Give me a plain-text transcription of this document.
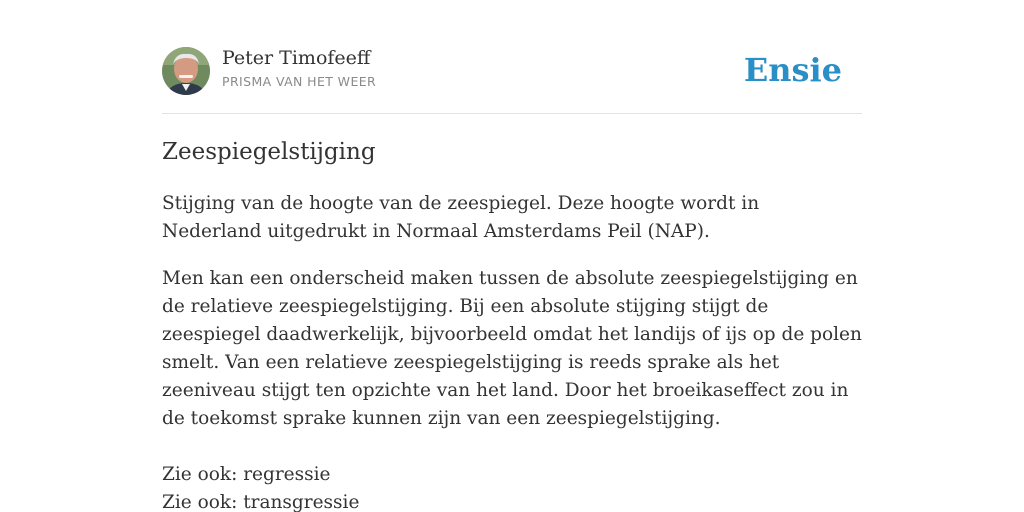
Peter Timofeeff
PRISMA VAN HET WEER	Ensie
Zeespiegelstijging

Stijging van de hoogte van de zeespiegel. Deze hoogte wordt in Nederland uitgedrukt in Normaal Amsterdams Peil (NAP).

Men kan een onderscheid maken tussen de absolute zeespiegelstijging en de relatieve zeespiegelstijging. Bij een absolute stijging stijgt de zeespiegel daadwerkelijk, bijvoorbeeld omdat het landijs of ijs op de polen smelt. Van een relatieve zeespiegelstijging is reeds sprake als het zeeniveau stijgt ten opzichte van het land. Door het broeikaseffect zou in de toekomst sprake kunnen zijn van een zeespiegelstijging.

Zie ook: regressie
Zie ook: transgressie
